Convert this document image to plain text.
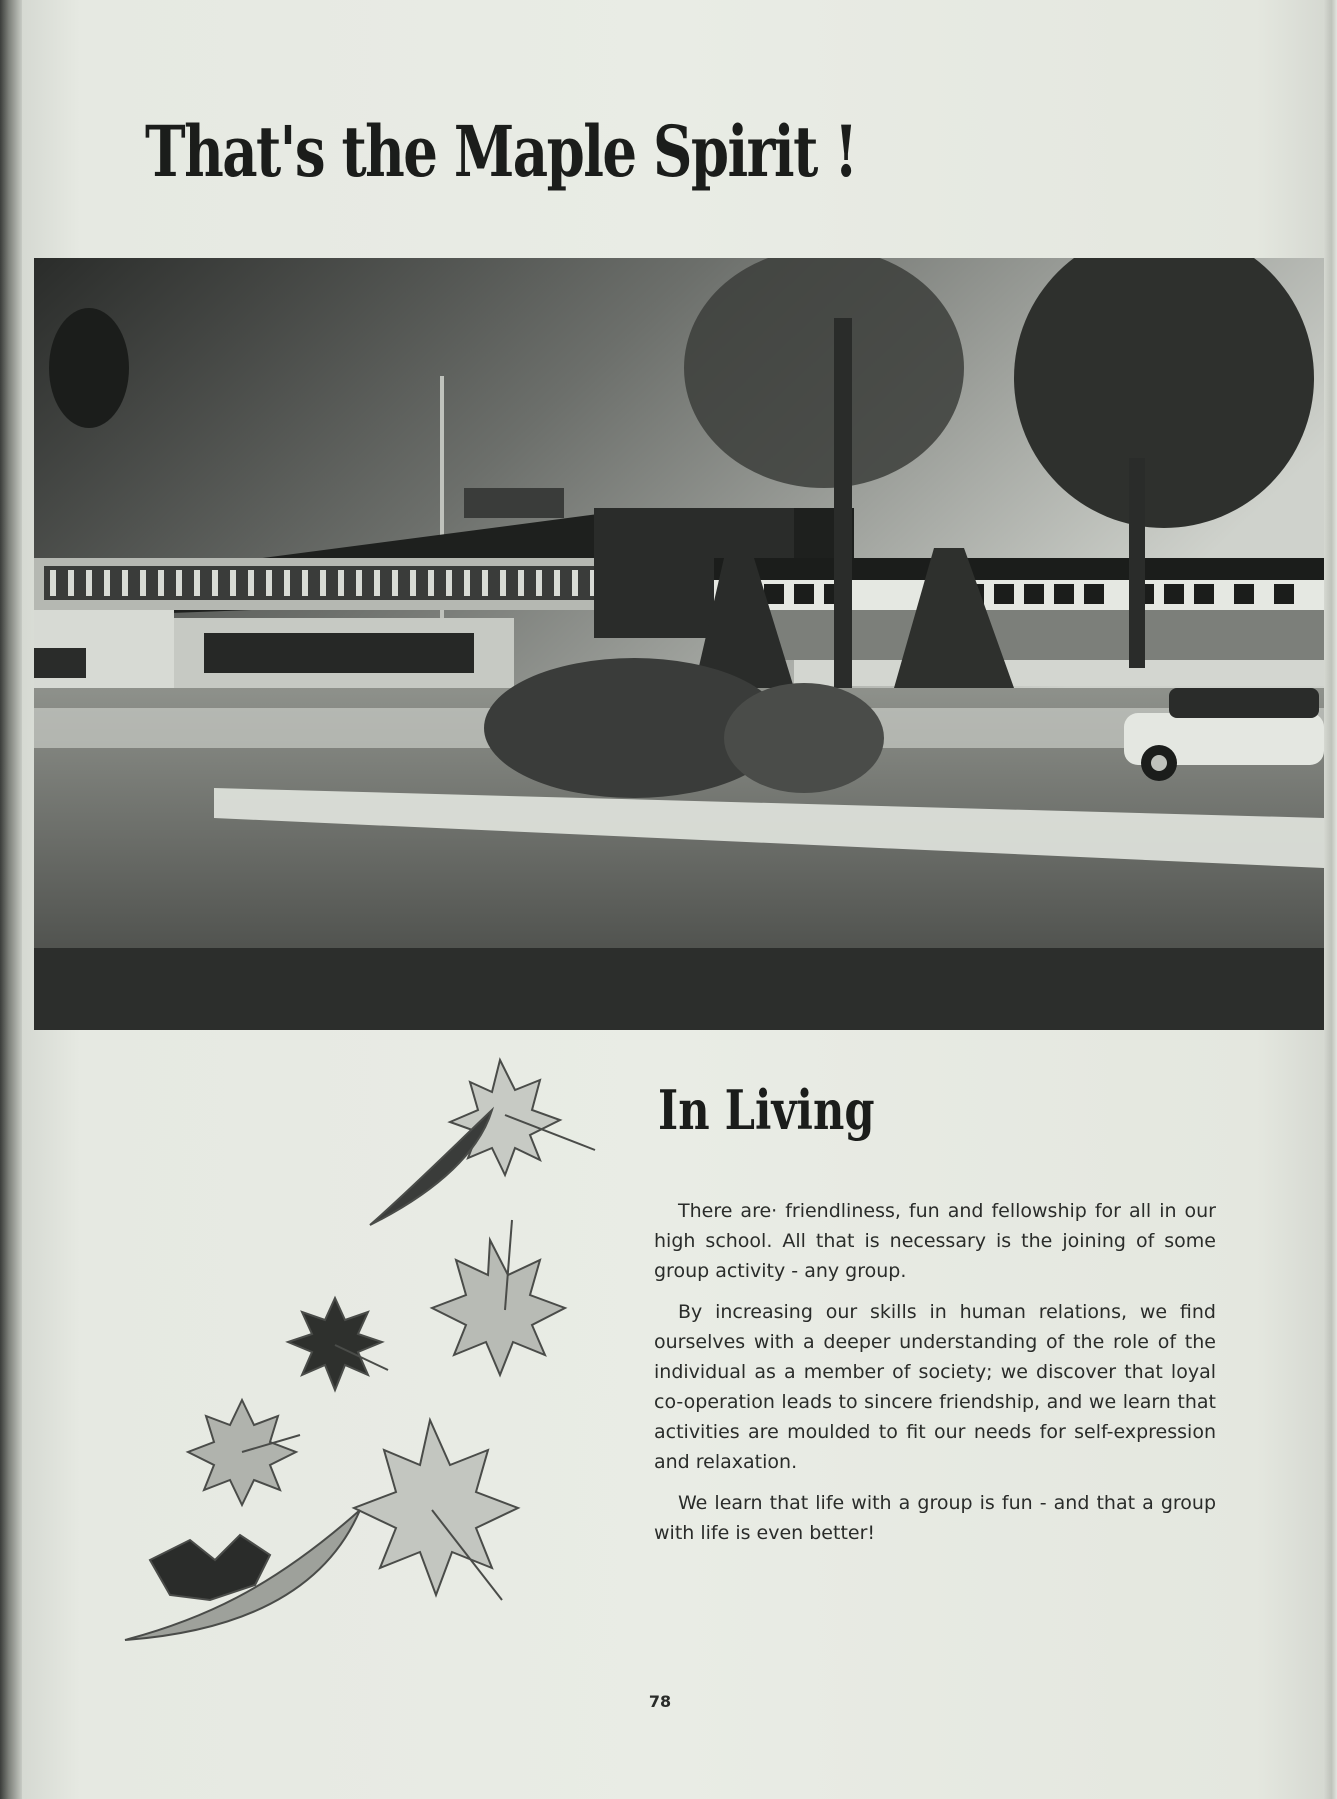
That's the Maple Spirit !
In Living

There are· friendliness, fun and fellowship for all in our high school. All that is necessary is the joining of some group activity - any group.

By increasing our skills in human relations, we find ourselves with a deeper understanding of the role of the individual as a member of society; we discover that loyal co-operation leads to sincere friendship, and we learn that activities are moulded to fit our needs for self-expression and relaxation.

We learn that life with a group is fun - and that a group with life is even better!

78
